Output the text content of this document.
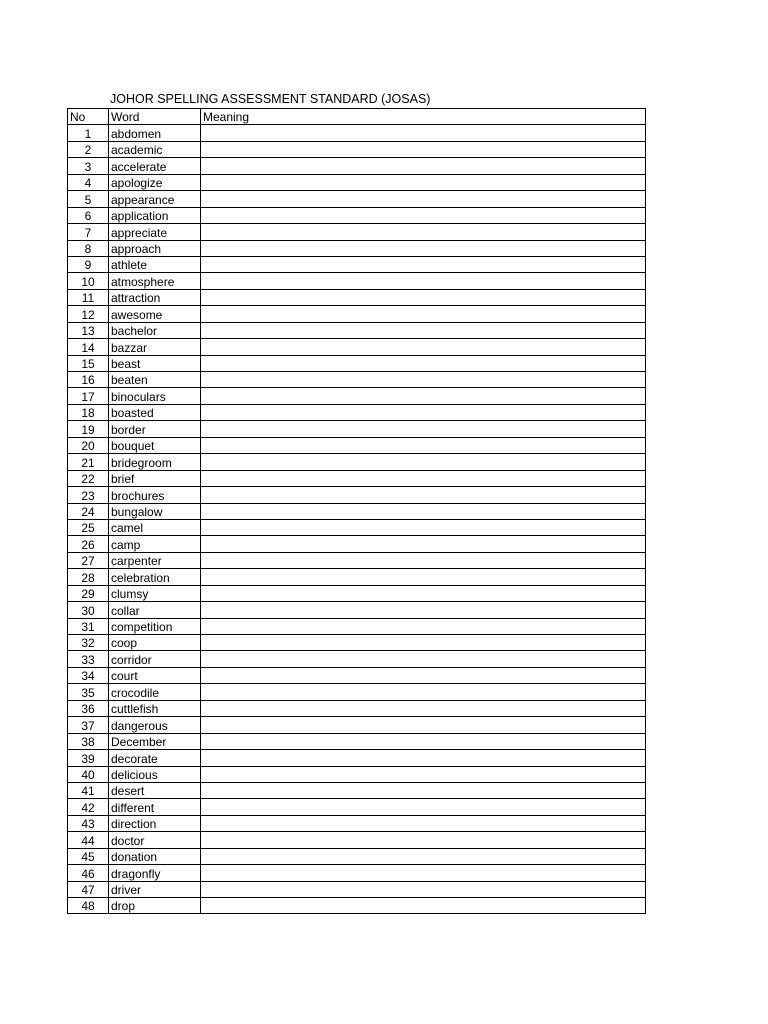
JOHOR SPELLING ASSESSMENT STANDARD (JOSAS)
No	Word	Meaning
1	abdomen	
2	academic	
3	accelerate	
4	apologize	
5	appearance	
6	application	
7	appreciate	
8	approach	
9	athlete	
10	atmosphere	
11	attraction	
12	awesome	
13	bachelor	
14	bazzar	
15	beast	
16	beaten	
17	binoculars	
18	boasted	
19	border	
20	bouquet	
21	bridegroom	
22	brief	
23	brochures	
24	bungalow	
25	camel	
26	camp	
27	carpenter	
28	celebration	
29	clumsy	
30	collar	
31	competition	
32	coop	
33	corridor	
34	court	
35	crocodile	
36	cuttlefish	
37	dangerous	
38	December	
39	decorate	
40	delicious	
41	desert	
42	different	
43	direction	
44	doctor	
45	donation	
46	dragonfly	
47	driver	
48	drop	
